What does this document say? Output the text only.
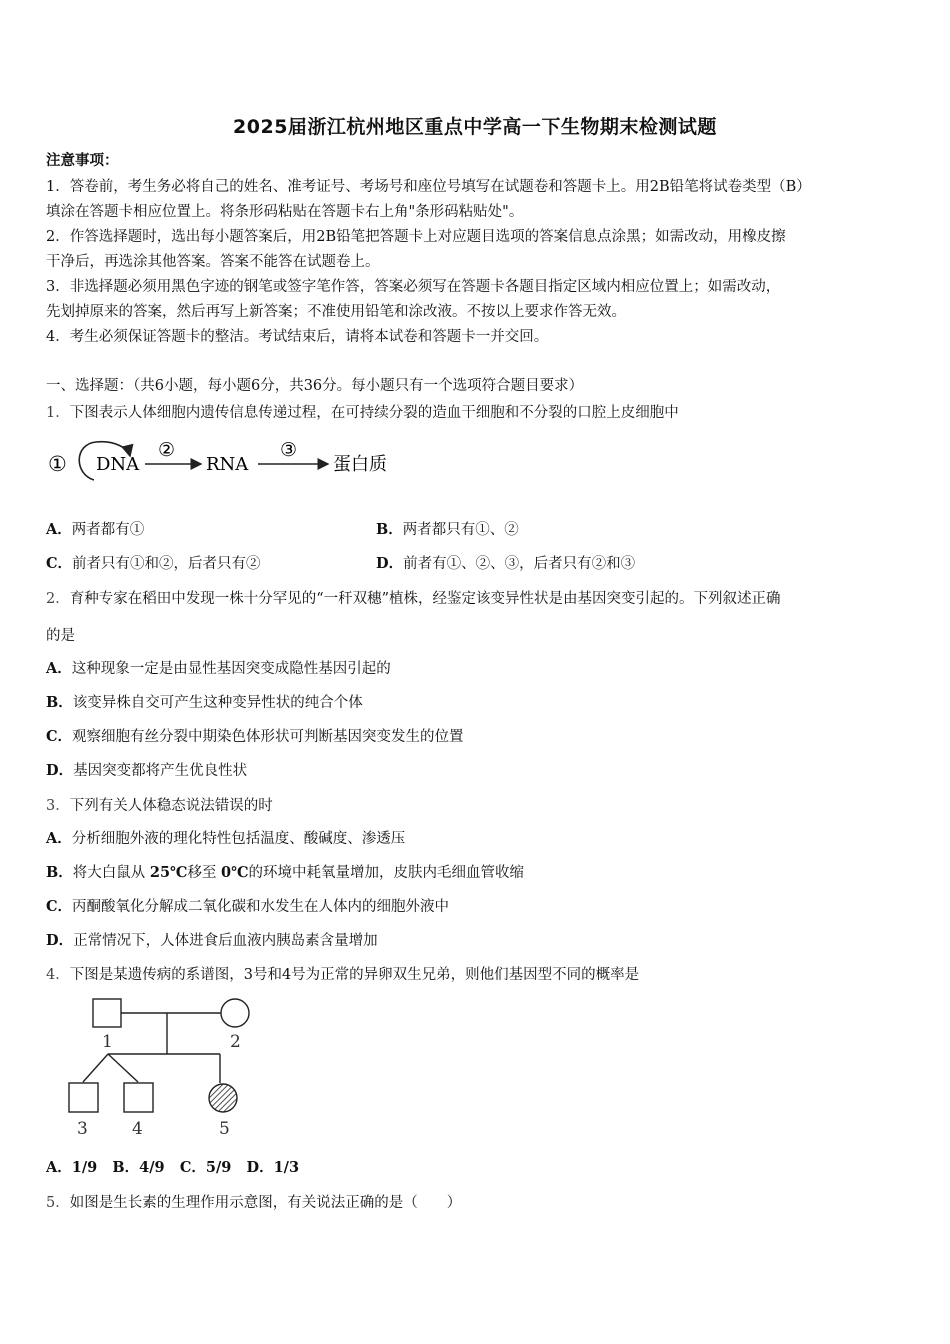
2025届浙江杭州地区重点中学高一下生物期末检测试题
注意事项：
1．答卷前，考生务必将自己的姓名、准考证号、考场号和座位号填写在试题卷和答题卡上。用2B铅笔将试卷类型（B）
填涂在答题卡相应位置上。将条形码粘贴在答题卡右上角"条形码粘贴处"。
2．作答选择题时，选出每小题答案后，用2B铅笔把答题卡上对应题目选项的答案信息点涂黑；如需改动，用橡皮擦
干净后，再选涂其他答案。答案不能答在试题卷上。
3．非选择题必须用黑色字迹的钢笔或签字笔作答，答案必须写在答题卡各题目指定区域内相应位置上；如需改动，
先划掉原来的答案，然后再写上新答案；不准使用铅笔和涂改液。不按以上要求作答无效。
4．考生必须保证答题卡的整洁。考试结束后，请将本试卷和答题卡一并交回。
一、选择题：（共6小题，每小题6分，共36分。每小题只有一个选项符合题目要求）
1．下图表示人体细胞内遗传信息传递过程，在可持续分裂的造血干细胞和不分裂的口腔上皮细胞中
① DNA
②
RNA
③
蛋白质
A．两者都有①	B．两者都只有①、②
C．前者只有①和②，后者只有②	D．前者有①、②、③，后者只有②和③
2．育种专家在稻田中发现一株十分罕见的“一秆双穗”植株，经鉴定该变异性状是由基因突变引起的。下列叙述正确
的是
A．这种现象一定是由显性基因突变成隐性基因引起的
B．该变异株自交可产生这种变异性状的纯合个体
C．观察细胞有丝分裂中期染色体形状可判断基因突变发生的位置
D．基因突变都将产生优良性状
3．下列有关人体稳态说法错误的时
A．分析细胞外液的理化特性包括温度、酸碱度、渗透压
B．将大白鼠从 25℃移至 0℃的环境中耗氧量增加，皮肤内毛细血管收缩
C．丙酮酸氧化分解成二氧化碳和水发生在人体内的细胞外液中
D．正常情况下，人体进食后血液内胰岛素含量增加
4．下图是某遗传病的系谱图，3号和4号为正常的异卵双生兄弟，则他们基因型不同的概率是
1	2
3	4	5
A．1/9 B．4/9 C．5/9 D．1/3
5．如图是生长素的生理作用示意图，有关说法正确的是（　　）
